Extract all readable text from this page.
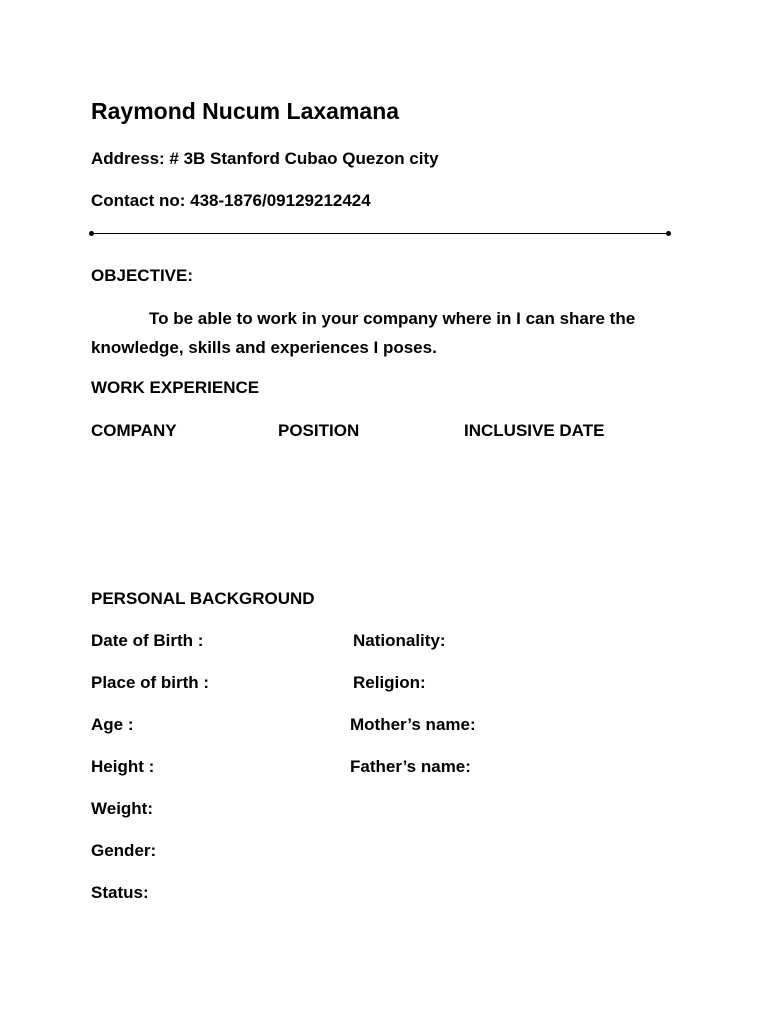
Raymond Nucum Laxamana
Address: # 3B Stanford Cubao Quezon city
Contact no: 438-1876/09129212424
OBJECTIVE:
To be able to work in your company where in I can share the
knowledge, skills and experiences I poses.
WORK EXPERIENCE
COMPANY	POSITION	INCLUSIVE DATE
PERSONAL BACKGROUND
Date of Birth :
Place of birth :
Age :
Height :
Weight:
Gender:
Status:
Nationality:
Religion:
Mother’s name:
Father’s name:
